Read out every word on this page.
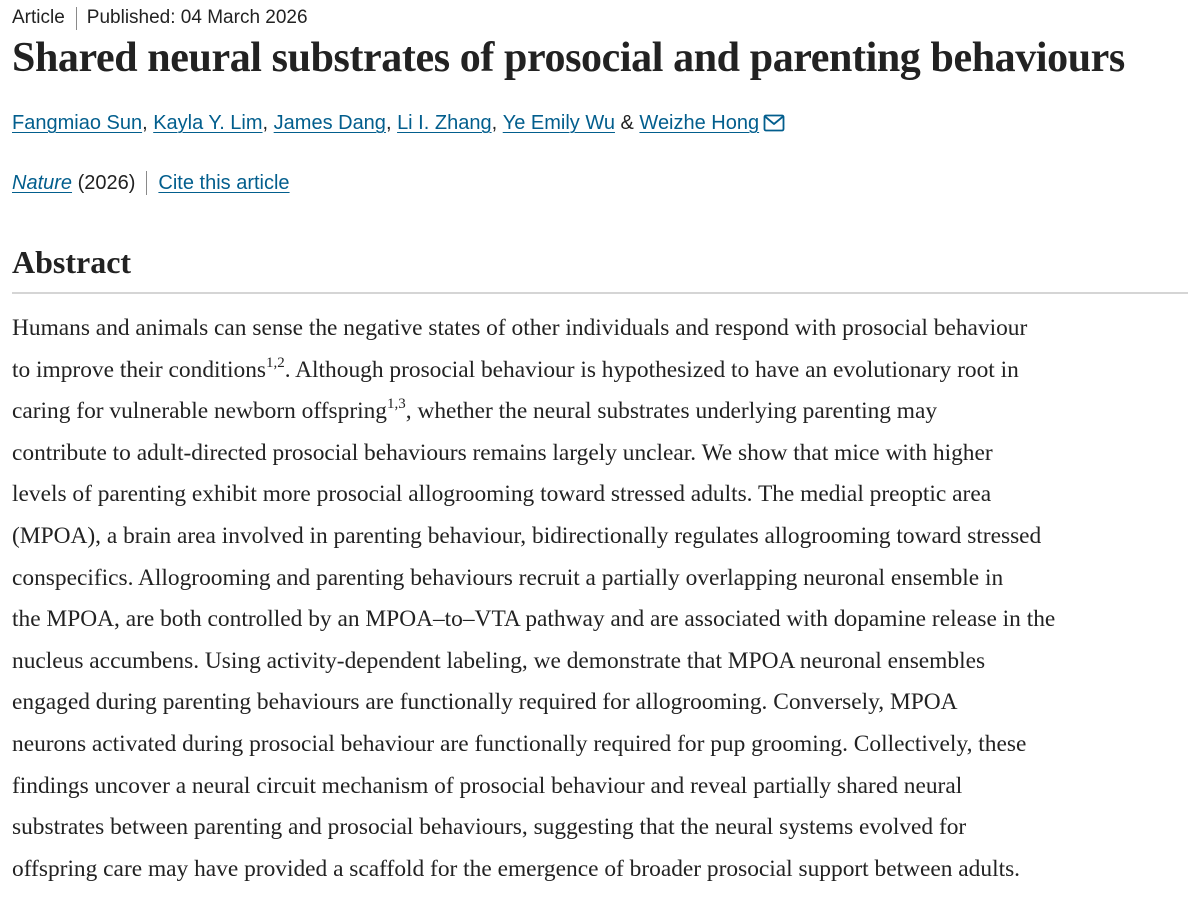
Article Published: 04 March 2026
Shared neural substrates of prosocial and parenting behaviours
Fangmiao Sun , Kayla Y. Lim , James Dang , Li I. Zhang , Ye Emily Wu & Weizhe Hong
Nature
(2026) Cite this article
Abstract

Humans and animals can sense the negative states of other individuals and respond with prosocial behaviour
to improve their conditions$^{1,2}$. Although prosocial behaviour is hypothesized to have an evolutionary root in
caring for vulnerable newborn offspring$^{1,3}$, whether the neural substrates underlying parenting may
contribute to adult-directed prosocial behaviours remains largely unclear. We show that mice with higher
levels of parenting exhibit more prosocial allogrooming toward stressed adults. The medial preoptic area
(MPOA), a brain area involved in parenting behaviour, bidirectionally regulates allogrooming toward stressed
conspecifics. Allogrooming and parenting behaviours recruit a partially overlapping neuronal ensemble in
the MPOA, are both controlled by an MPOA–to–VTA pathway and are associated with dopamine release in the
nucleus accumbens. Using activity-dependent labeling, we demonstrate that MPOA neuronal ensembles
engaged during parenting behaviours are functionally required for allogrooming. Conversely, MPOA
neurons activated during prosocial behaviour are functionally required for pup grooming. Collectively, these
findings uncover a neural circuit mechanism of prosocial behaviour and reveal partially shared neural
substrates between parenting and prosocial behaviours, suggesting that the neural systems evolved for
offspring care may have provided a scaffold for the emergence of broader prosocial support between adults.
